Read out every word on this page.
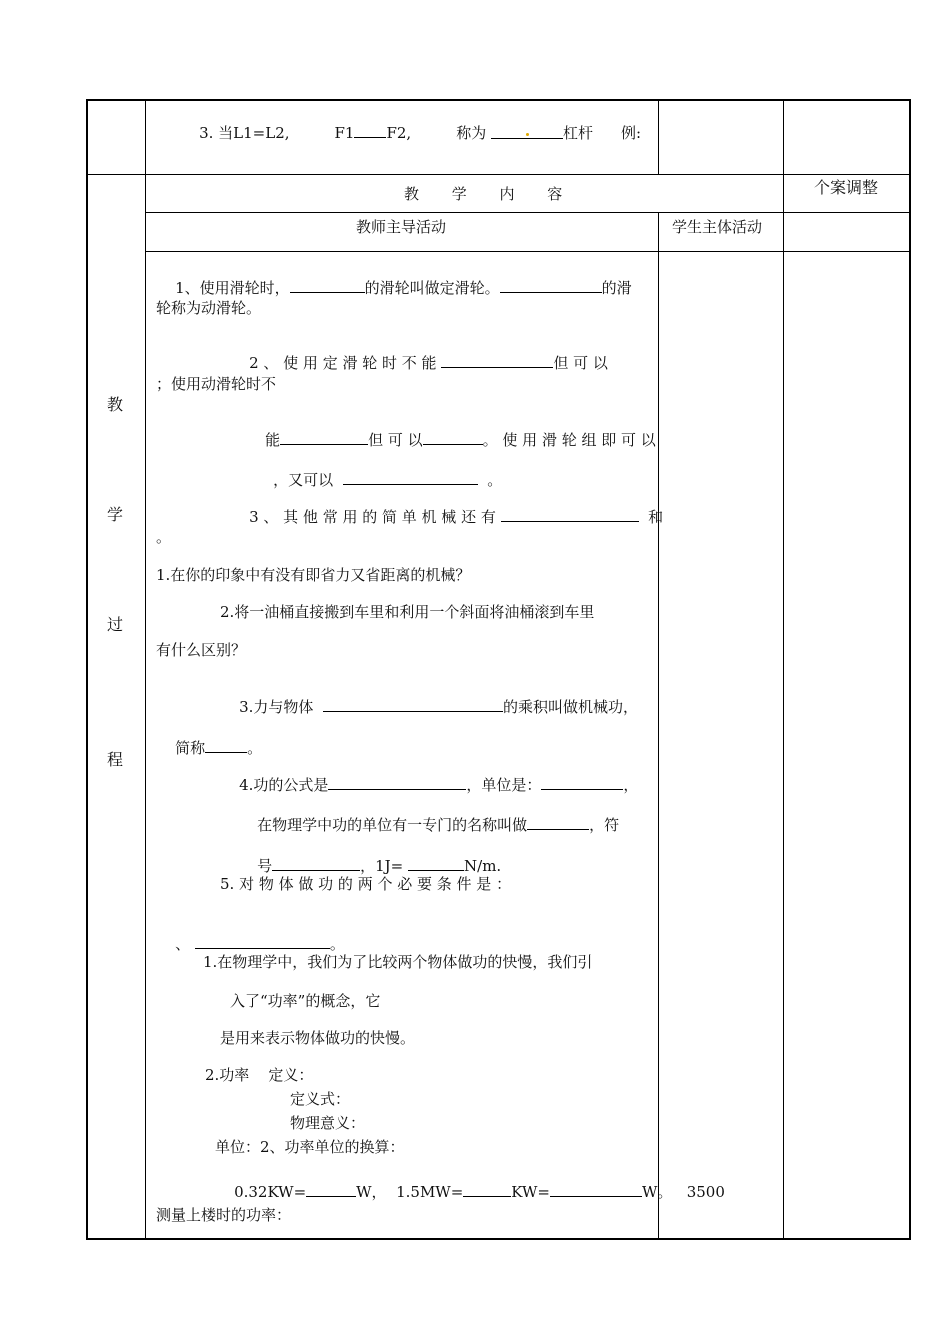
3. 当L1=L2,	F1 F2,	称为	杠杆 例:

教 学 内 容	个案调整
教师主导活动	学生主体活动
教
学
过
程

1、使用滑轮时，	的滑轮叫做定滑轮。	的滑

轮称为动滑轮。

2 、 使 用 定 滑 轮 时 不 能	但 可 以

；使用动滑轮时不

能	但 可 以	。 使 用 滑 轮 组 即 可 以

，又可以	。

3 、 其 他 常 用 的 简 单 机 械 还 有	和

。
1.在你的印象中有没有即省力又省距离的机械？
2.将一油桶直接搬到车里和利用一个斜面将油桶滚到车里
有什么区别？

3.力与物体	的乘积叫做机械功，

简称	。

4.功的公式是	，单位是：	，

在物理学中功的单位有一专门的名称叫做	，符

号	，1J=	N/m.

5. 对 物 体 做 功 的 两 个 必 要 条 件 是 ：

、	。

1.在物理学中，我们为了比较两个物体做功的快慢，我们引
入了“功率”的概念，它
是用来表示物体做功的快慢。
2.功率    定义：
定义式：
物理意义：
单位：2、功率单位的换算：

0.32KW=	W，  1.5MW=	KW=	W。   3500

测量上楼时的功率：
